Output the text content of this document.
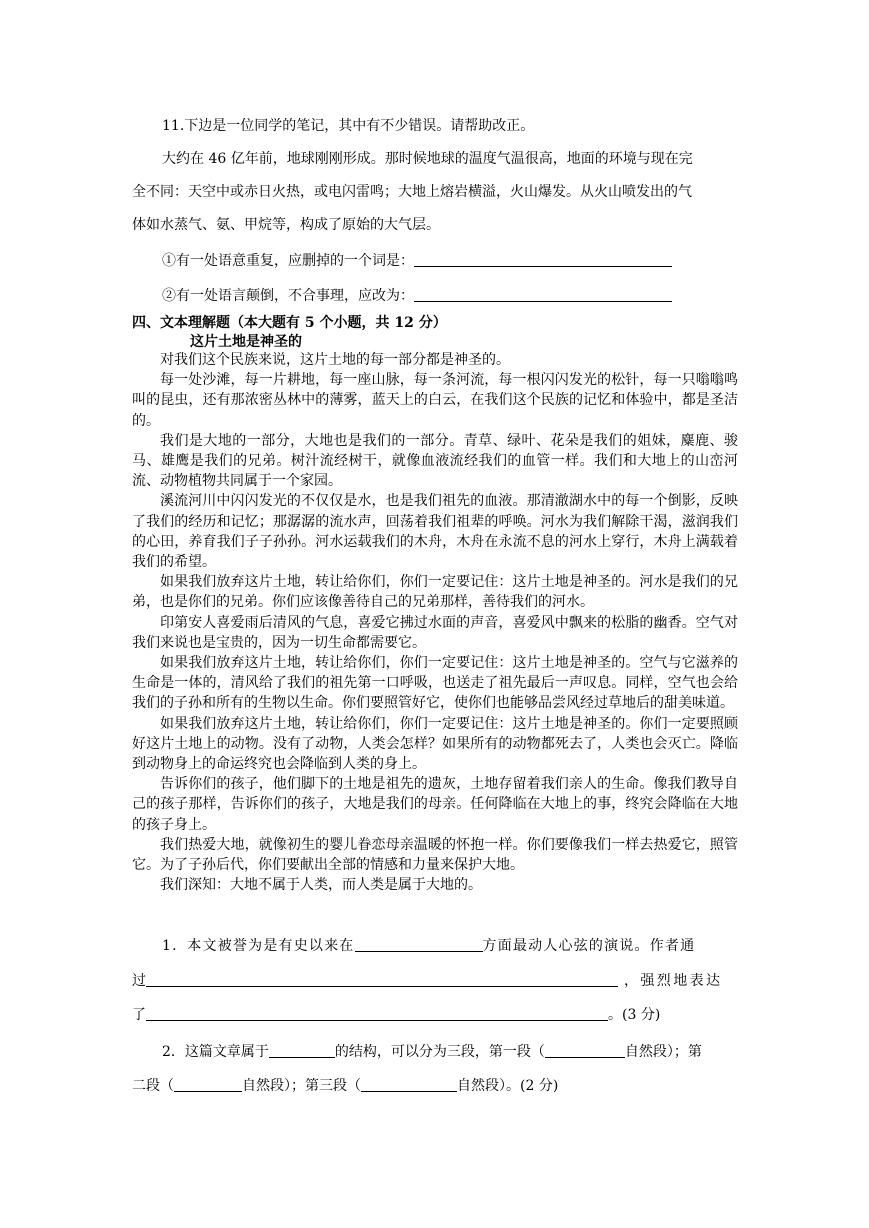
11.下边是一位同学的笔记，其中有不少错误。请帮助改正。
大约在 46 亿年前，地球刚刚形成。那时候地球的温度气温很高，地面的环境与现在完
全不同：天空中或赤日火热，或电闪雷鸣；大地上熔岩横溢，火山爆发。从火山喷发出的气
体如水蒸气、氨、甲烷等，构成了原始的大气层。
①有一处语意重复，应删掉的一个词是：
②有一处语言颠倒，不合事理，应改为：
四、文本理解题（本大题有 5 个小题，共 12 分）
这片土地是神圣的

对我们这个民族来说，这片土地的每一部分都是神圣的。

每一处沙滩，每一片耕地，每一座山脉，每一条河流，每一根闪闪发光的松针，每一只嗡嗡鸣叫的昆虫，还有那浓密丛林中的薄雾，蓝天上的白云，在我们这个民族的记忆和体验中，都是圣洁的。

我们是大地的一部分，大地也是我们的一部分。青草、绿叶、花朵是我们的姐妹，麋鹿、骏马、雄鹰是我们的兄弟。树汁流经树干，就像血液流经我们的血管一样。我们和大地上的山峦河流、动物植物共同属于一个家园。

溪流河川中闪闪发光的不仅仅是水，也是我们祖先的血液。那清澈湖水中的每一个倒影，反映了我们的经历和记忆；那潺潺的流水声，回荡着我们祖辈的呼唤。河水为我们解除干渴，滋润我们的心田，养育我们子子孙孙。河水运载我们的木舟，木舟在永流不息的河水上穿行，木舟上满载着我们的希望。

如果我们放弃这片土地，转让给你们，你们一定要记住：这片土地是神圣的。河水是我们的兄弟，也是你们的兄弟。你们应该像善待自己的兄弟那样，善待我们的河水。

印第安人喜爱雨后清风的气息，喜爱它拂过水面的声音，喜爱风中飘来的松脂的幽香。空气对我们来说也是宝贵的，因为一切生命都需要它。

如果我们放弃这片土地，转让给你们，你们一定要记住：这片土地是神圣的。空气与它滋养的生命是一体的，清风给了我们的祖先第一口呼吸，也送走了祖先最后一声叹息。同样，空气也会给我们的子孙和所有的生物以生命。你们要照管好它，使你们也能够品尝风经过草地后的甜美味道。

如果我们放弃这片土地，转让给你们，你们一定要记住：这片土地是神圣的。你们一定要照顾好这片土地上的动物。没有了动物，人类会怎样？如果所有的动物都死去了，人类也会灭亡。降临到动物身上的命运终究也会降临到人类的身上。

告诉你们的孩子，他们脚下的土地是祖先的遗灰，土地存留着我们亲人的生命。像我们教导自己的孩子那样，告诉你们的孩子，大地是我们的母亲。任何降临在大地上的事，终究会降临在大地的孩子身上。

我们热爱大地，就像初生的婴儿眷恋母亲温暖的怀抱一样。你们要像我们一样去热爱它，照管它。为了子孙后代，你们要献出全部的情感和力量来保护大地。

我们深知：大地不属于人类，而人类是属于大地的。

1．本文被誉为是有史以来在	方面最动人心弦的演说。作者通
过	，强烈地表达
了	。(3 分)
2．这篇文章属于	的结构，可以分为三段，第一段（	自然段）；第
二段（	自然段）；第三段（	自然段）。(2 分)
